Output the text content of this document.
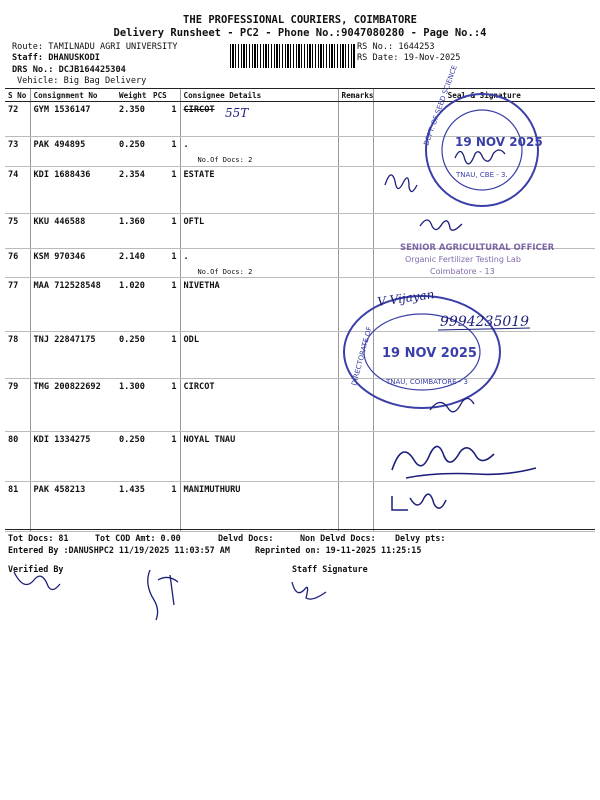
THE PROFESSIONAL COURIERS, COIMBATORE
Delivery Runsheet - PC2 - Phone No.:9047080280 - Page No.:4
Route: TAMILNADU AGRI UNIVERSITY
Staff: DHANUSKODI
DRS No.: DCJB164425304
Vehicle: Big Bag Delivery
RS No.: 1644253
RS Date: 19-Nov-2025
S No	Consignment No	Weight	PCS	Consignee Details	Remarks	Seal & Signature
72	GYM 1536147	2.350	1	CIRCOT		
73	PAK 494895	0.250	1	.
No.Of Docs: 2		

74	KDI 1688436	2.354	1	ESTATE		
75	KKU 446588	1.360	1	OFTL		
76	KSM 970346	2.140	1	.
No.Of Docs: 2		

77	MAA 712528548	1.020	1	NIVETHA		
78	TNJ 22847175	0.250	1	ODL		
79	TMG 200822692	1.300	1	CIRCOT		
80	KDI 1334275	0.250	1	NOYAL TNAU		
81	PAK 458213	1.435	1	MANIMUTHURU		
Tot Docs: 81	Tot COD Amt: 0.00	Delvd Docs:	Non Delvd Docs: Delvy pts:
Entered By :DANUSHPC2 11/19/2025 11:03:57 AM	Reprinted on: 19-11-2025 11:25:15
Verified By	Staff Signature
DEPT. OF SEED SCIENCE
19 NOV 2025
TNAU, CBE - 3.
55T
SENIOR AGRICULTURAL OFFICER
Organic Fertilizer Testing Lab
Coimbatore - 13
DIRECTORATE OF 19 NOV 2025
TNAU, COIMBATORE - 3
V Vijayan
9994235019
